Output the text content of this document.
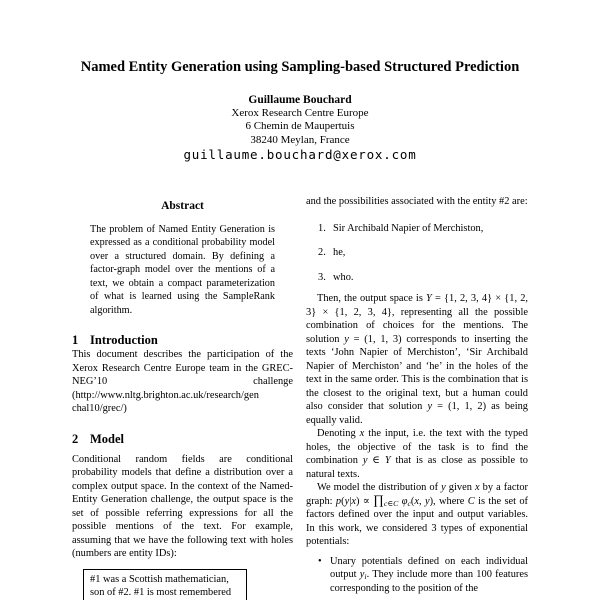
Named Entity Generation using Sampling-based Structured Prediction
Guillaume Bouchard
Xerox Research Centre Europe
6 Chemin de Maupertuis
38240 Meylan, France
guillaume.bouchard@xerox.com
Abstract
The problem of Named Entity Generation is expressed as a conditional probability model over a structured domain. By defining a factor-graph model over the mentions of a text, we obtain a compact parameterization of what is learned using the SampleRank algorithm.
1 Introduction
This document describes the participation of the Xerox Research Centre Europe team in the GREC-NEG’10 challenge (http://www.nltg.brighton.ac.uk/research/gen
chal10/grec/)
2 Model
Conditional random fields are conditional probability models that define a distribution over a complex output space. In the context of the Named-Entity Generation challenge, the output space is the set of possible referring expressions for all the possible mentions of the text. For example, assuming that we have the following text with holes (numbers are entity IDs):
#1 was a Scottish mathematician,
son of #2. #1 is most remembered
and the possibilities associated with the entity #2 are:
1. Sir Archibald Napier of Merchiston,
2. he,
3. who.
Then, the output space is Y = {1, 2, 3, 4} × {1, 2, 3} × {1, 2, 3, 4}, representing all the possible combination of choices for the mentions. The solution y = (1, 1, 3) corresponds to inserting the texts ‘John Napier of Merchiston’, ‘Sir Archibald Napier of Merchiston’ and ‘he’ in the holes of the text in the same order. This is the combination that is the closest to the original text, but a human could also consider that solution y = (1, 1, 2) as being equally valid.
Denoting x the input, i.e. the text with the typed holes, the objective of the task is to find the combination y ∈ Y that is as close as possible to natural texts.
We model the distribution of y given x by a factor graph: p(y|x) ∝ ∏c∈C φc(x, y), where C is the set of factors defined over the input and output variables. In this work, we considered 3 types of exponential potentials:
• Unary potentials defined on each individual output yi. They include more than 100 features corresponding to the position of the
